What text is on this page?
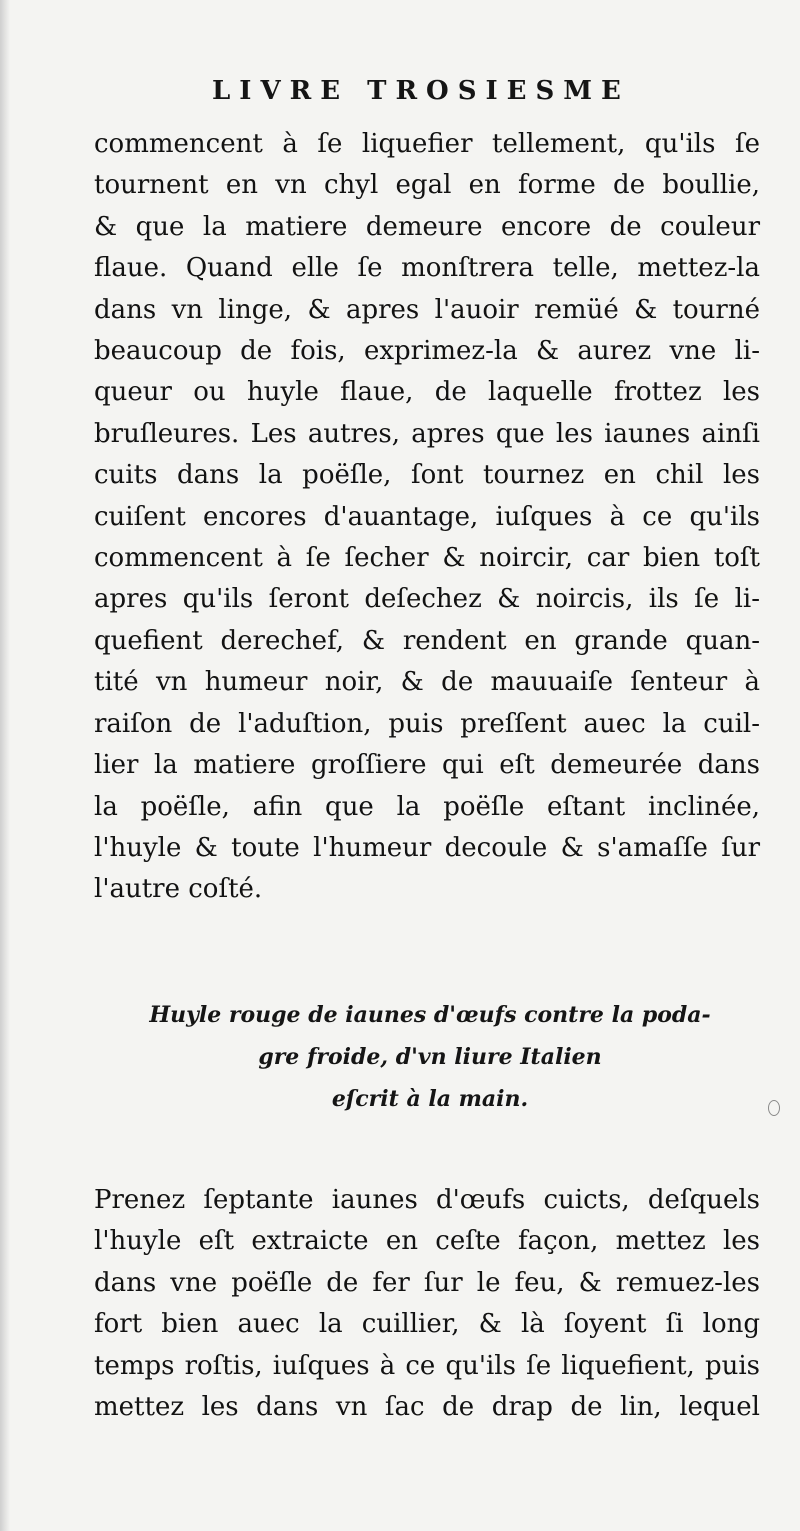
LIVRE TROSIESME
commencent à ſe liquefier tellement, qu'ils ſe
tournent en vn chyl egal en forme de boullie,
& que la matiere demeure encore de couleur
flaue. Quand elle ſe monſtrera telle, mettez-la
dans vn linge, & apres l'auoir remüé & tourné
beaucoup de fois, exprimez-la & aurez vne li-
queur ou huyle flaue, de laquelle frottez les
bruſleures. Les autres, apres que les iaunes ainſi
cuits dans la poëſle, ſont tournez en chil les
cuiſent encores d'auantage, iuſques à ce qu'ils
commencent à ſe ſecher & noircir, car bien toſt
apres qu'ils ſeront deſechez & noircis, ils ſe li-
quefient derechef, & rendent en grande quan-
tité vn humeur noir, & de mauuaiſe ſenteur à
raiſon de l'aduſtion, puis preſſent auec la cuil-
lier la matiere groſſiere qui eſt demeurée dans
la poëſle, afin que la poëſle eſtant inclinée,
l'huyle & toute l'humeur decoule & s'amaſſe ſur
l'autre coſté.
Huyle rouge de iaunes d'œufs contre la poda-
gre froide, d'vn liure Italien
eſcrit à la main.
Prenez ſeptante iaunes d'œufs cuicts, deſquels
l'huyle eſt extraicte en ceſte façon, mettez les
dans vne poëſle de fer ſur le feu, & remuez-les
fort bien auec la cuillier, & là ſoyent ſi long
temps roſtis, iuſques à ce qu'ils ſe liquefient, puis
mettez les dans vn ſac de drap de lin, lequel
